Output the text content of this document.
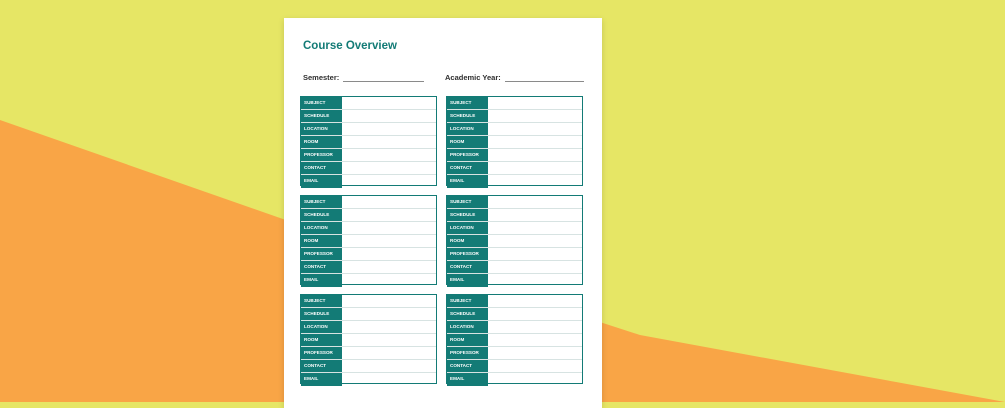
Course Overview
Semester:	Academic Year:
SUBJECT
SCHEDULE
LOCATION
ROOM
PROFESSOR
CONTACT
EMAIL
SUBJECT
SCHEDULE
LOCATION
ROOM
PROFESSOR
CONTACT
EMAIL
SUBJECT
SCHEDULE
LOCATION
ROOM
PROFESSOR
CONTACT
EMAIL
SUBJECT
SCHEDULE
LOCATION
ROOM
PROFESSOR
CONTACT
EMAIL
SUBJECT
SCHEDULE
LOCATION
ROOM
PROFESSOR
CONTACT
EMAIL
SUBJECT
SCHEDULE
LOCATION
ROOM
PROFESSOR
CONTACT
EMAIL
